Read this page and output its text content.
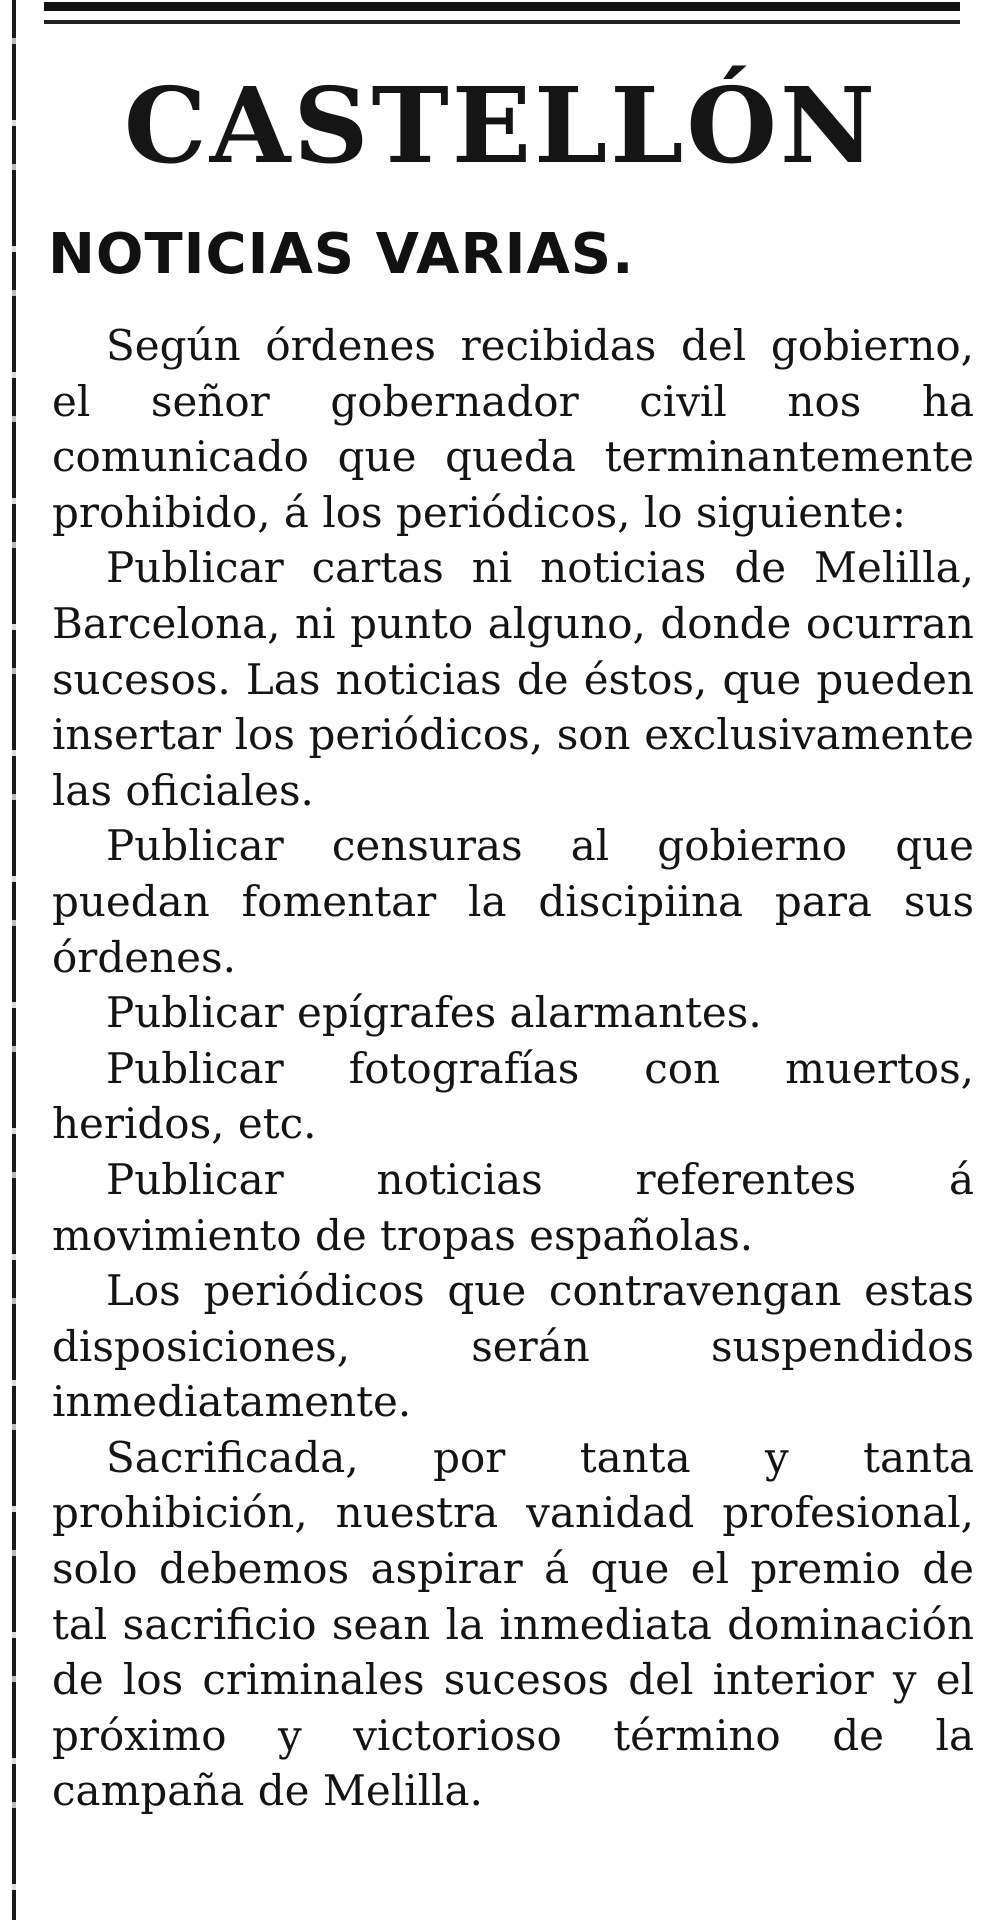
CASTELLÓN
NOTICIAS VARIAS.

Según órdenes recibidas del gobierno, el señor gobernador civil nos ha comunicado que queda terminantemente prohibido, á los periódicos, lo siguiente:

Publicar cartas ni noticias de Melilla, Barcelona, ni punto alguno, donde ocurran sucesos. Las noticias de éstos, que pueden insertar los periódicos, son exclusivamente las oficiales.

Publicar censuras al gobierno que puedan fomentar la discipiina para sus órdenes.

Publicar epígrafes alarmantes.

Publicar fotografías con muertos, heridos, etc.

Publicar noticias referentes á movimiento de tropas españolas.

Los periódicos que contravengan estas disposiciones, serán suspendidos inmediatamente.

Sacrificada, por tanta y tanta prohibición, nuestra vanidad profesional, solo debemos aspirar á que el premio de tal sacrificio sean la inmediata dominación de los criminales sucesos del interior y el próximo y victorioso término de la campaña de Melilla.
